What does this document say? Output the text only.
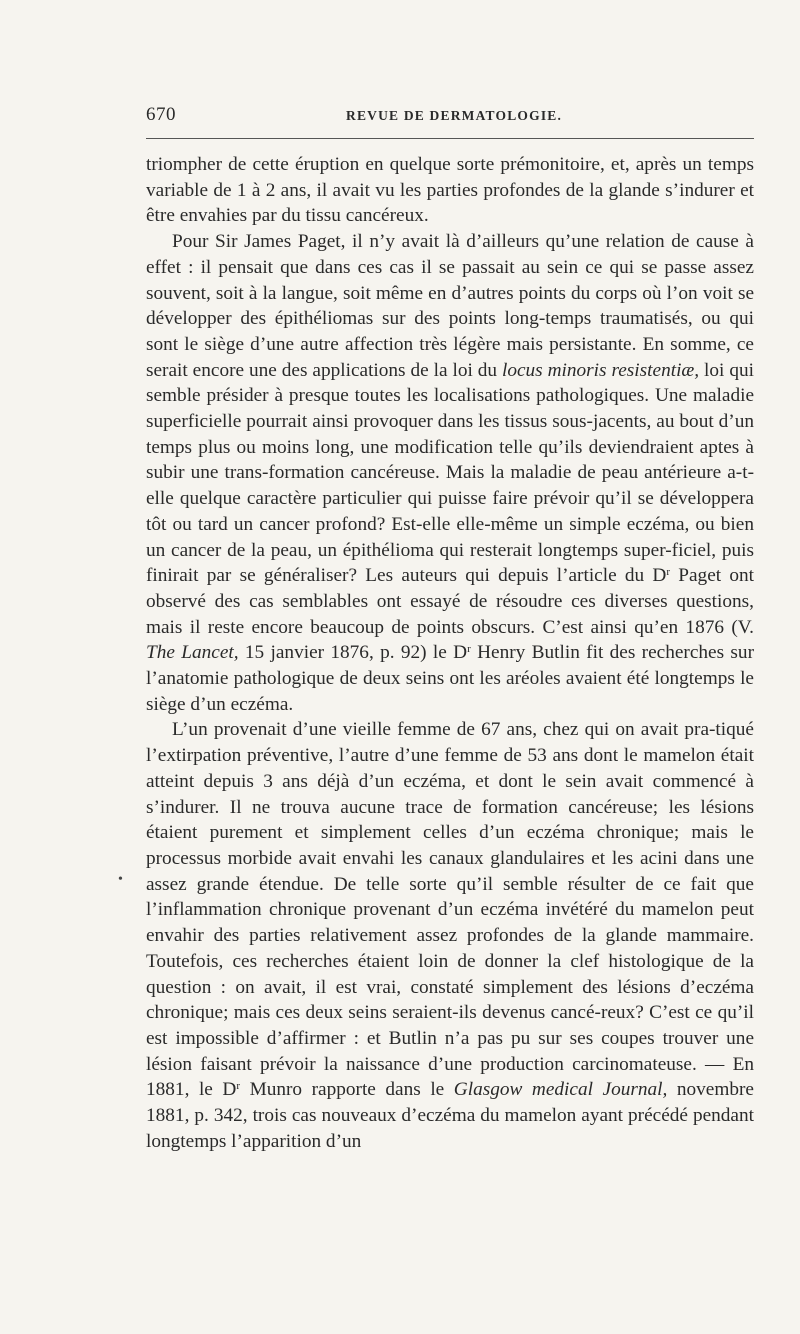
670	REVUE DE DERMATOLOGIE.
•

triompher de cette éruption en quelque sorte prémonitoire, et, après un temps variable de 1 à 2 ans, il avait vu les parties profondes de la glande s’indurer et être envahies par du tissu cancéreux.

Pour Sir James Paget, il n’y avait là d’ailleurs qu’une relation de cause à effet : il pensait que dans ces cas il se passait au sein ce qui se passe assez souvent, soit à la langue, soit même en d’autres points du corps où l’on voit se développer des épithéliomas sur des points long-temps traumatisés, ou qui sont le siège d’une autre affection très légère mais persistante. En somme, ce serait encore une des applications de la loi du locus minoris resistentiæ, loi qui semble présider à presque toutes les localisations pathologiques. Une maladie superficielle pourrait ainsi provoquer dans les tissus sous-jacents, au bout d’un temps plus ou moins long, une modification telle qu’ils deviendraient aptes à subir une trans-formation cancéreuse. Mais la maladie de peau antérieure a-t-elle quelque caractère particulier qui puisse faire prévoir qu’il se développera tôt ou tard un cancer profond? Est-elle elle-même un simple eczéma, ou bien un cancer de la peau, un épithélioma qui resterait longtemps super-ficiel, puis finirait par se généraliser? Les auteurs qui depuis l’article du $D^r$ Paget ont observé des cas semblables ont essayé de résoudre ces diverses questions, mais il reste encore beaucoup de points obscurs. C’est ainsi qu’en 1876 (V. The Lancet, 15 janvier 1876, p. 92) le $D^r$ Henry Butlin fit des recherches sur l’anatomie pathologique de deux seins ont les aréoles avaient été longtemps le siège d’un eczéma.

L’un provenait d’une vieille femme de 67 ans, chez qui on avait pra-tiqué l’extirpation préventive, l’autre d’une femme de 53 ans dont le mamelon était atteint depuis 3 ans déjà d’un eczéma, et dont le sein avait commencé à s’indurer. Il ne trouva aucune trace de formation cancéreuse; les lésions étaient purement et simplement celles d’un eczéma chronique; mais le processus morbide avait envahi les canaux glandulaires et les acini dans une assez grande étendue. De telle sorte qu’il semble résulter de ce fait que l’inflammation chronique provenant d’un eczéma invétéré du mamelon peut envahir des parties relativement assez profondes de la glande mammaire. Toutefois, ces recherches étaient loin de donner la clef histologique de la question : on avait, il est vrai, constaté simplement des lésions d’eczéma chronique; mais ces deux seins seraient-ils devenus cancé-reux? C’est ce qu’il est impossible d’affirmer : et Butlin n’a pas pu sur ses coupes trouver une lésion faisant prévoir la naissance d’une production carcinomateuse. — En 1881, le $D^r$ Munro rapporte dans le Glasgow medical Journal, novembre 1881, p. 342, trois cas nouveaux d’eczéma du mamelon ayant précédé pendant longtemps l’apparition d’un
